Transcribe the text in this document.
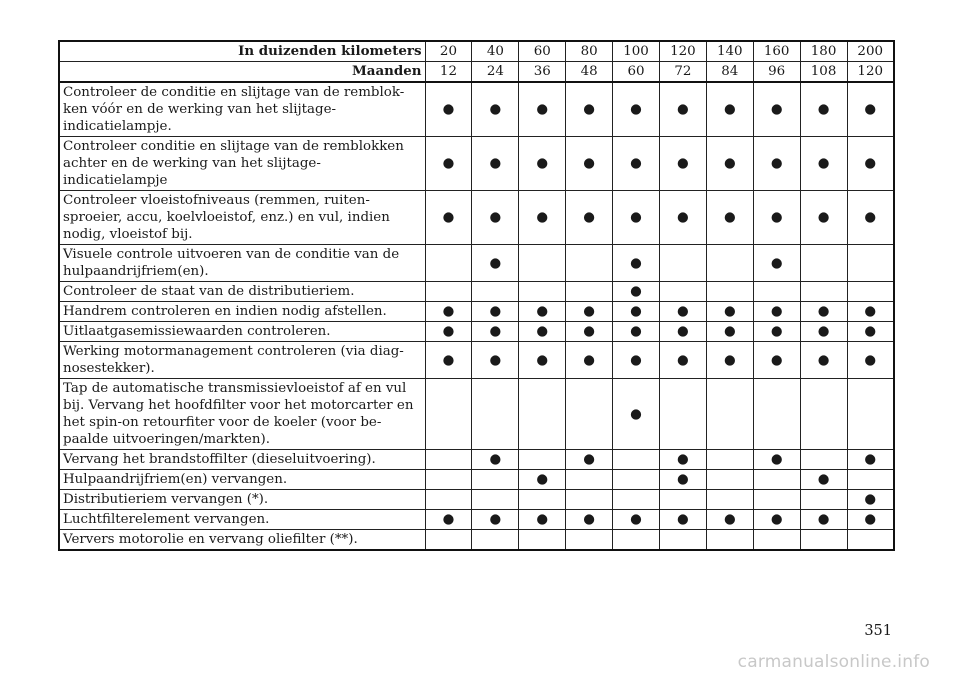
In duizenden kilometers	20	40	60	80	100	120	140	160	180	200
Maanden	12	24	36	48	60	72	84	96	108	120
Controleer de conditie en slijtage van de remblok-
ken vóór en de werking van het slijtage-
indicatielampje.	●	●	●	●	●	●	●	●	●	●
Controleer conditie en slijtage van de remblokken
achter en de werking van het slijtage-
indicatielampje	●	●	●	●	●	●	●	●	●	●
Controleer vloeistofniveaus (remmen, ruiten-
sproeier, accu, koelvloeistof, enz.) en vul, indien
nodig, vloeistof bij.	●	●	●	●	●	●	●	●	●	●
Visuele controle uitvoeren van de conditie van de
hulpaandrijfriem(en).		●			●			●		
Controleer de staat van de distributieriem.					●					
Handrem controleren en indien nodig afstellen.	●	●	●	●	●	●	●	●	●	●
Uitlaatgasemissiewaarden controleren.	●	●	●	●	●	●	●	●	●	●
Werking motormanagement controleren (via diag-
nosestekker).	●	●	●	●	●	●	●	●	●	●
Tap de automatische transmissievloeistof af en vul
bij. Vervang het hoofdfilter voor het motorcarter en
het spin-on retourfiter voor de koeler (voor be-
paalde uitvoeringen/markten).					●					
Vervang het brandstoffilter (dieseluitvoering).		●		●		●		●		●
Hulpaandrijfriem(en) vervangen.			●			●			●	
Distributieriem vervangen (*).										●
Luchtfilterelement vervangen.	●	●	●	●	●	●	●	●	●	●
Ververs motorolie en vervang oliefilter (**).										
351
carmanualsonline.info
